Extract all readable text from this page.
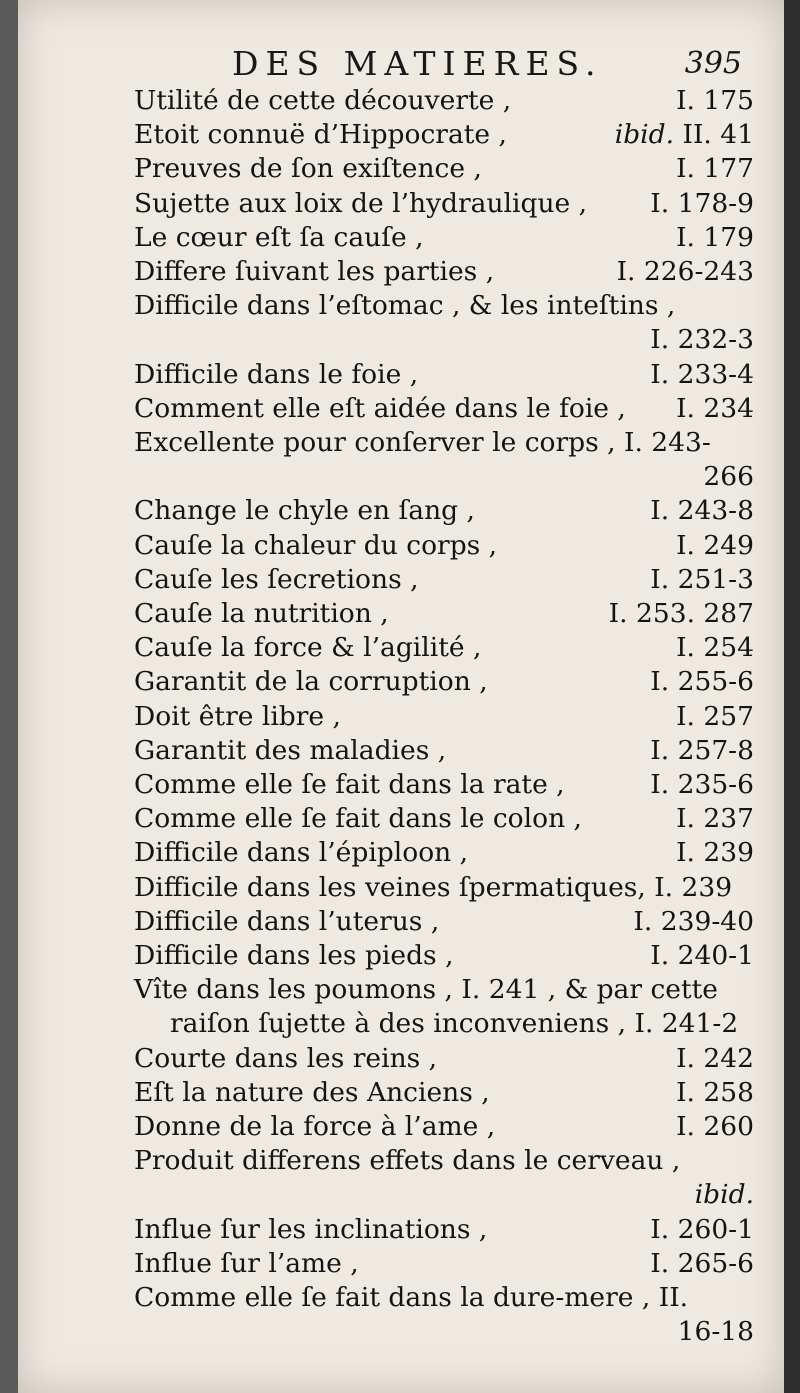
DES MATIERES.	395
Utilité de cette découverte ,	I. 175
Etoit connuë d’Hippocrate ,	ibid. II. 41
Preuves de ſon exiſtence ,	I. 177
Sujette aux loix de l’hydraulique , I. 178-9
Le cœur eſt ſa cauſe ,	I. 179
Differe ſuivant les parties ,	I. 226-243
Difficile dans l’eſtomac , & les inteſtins ,
I. 232-3
Difficile dans le foie ,	I. 233-4
Comment elle eſt aidée dans le foie , I. 234
Excellente pour conſerver le corps , I. 243-
266
Change le chyle en ſang ,	I. 243-8
Cauſe la chaleur du corps ,	I. 249
Cauſe les ſecretions ,	I. 251-3
Cauſe la nutrition ,	I. 253. 287
Cauſe la force & l’agilité ,	I. 254
Garantit de la corruption ,	I. 255-6
Doit être libre ,	I. 257
Garantit des maladies ,	I. 257-8
Comme elle ſe fait dans la rate ,	I. 235-6
Comme elle ſe fait dans le colon ,	I. 237
Difficile dans l’épiploon ,	I. 239
Difficile dans les veines ſpermatiques, I. 239
Difficile dans l’uterus ,	I. 239-40
Difficile dans les pieds ,	I. 240-1
Vîte dans les poumons , I. 241 , & par cette
raiſon ſujette à des inconveniens , I. 241-2
Courte dans les reins ,	I. 242
Eſt la nature des Anciens ,	I. 258
Donne de la force à l’ame ,	I. 260
Produit differens effets dans le cerveau ,
ibid.
Influe ſur les inclinations ,	I. 260-1
Influe ſur l’ame ,	I. 265-6
Comme elle ſe fait dans la dure-mere , II.
16-18
